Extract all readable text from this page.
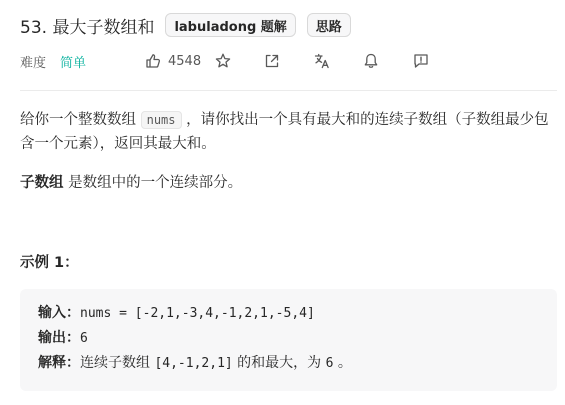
53. 最大子数组和	labuladong 题解	思路
难度 简单	4548
给你一个整数数组 nums ，请你找出一个具有最大和的连续子数组（子数组最少包含一个元素），返回其最大和。
子数组 是数组中的一个连续部分。
示例 1：
输入：nums = [-2,1,-3,4,-1,2,1,-5,4]
输出：6
解释：连续子数组 [4,-1,2,1] 的和最大，为 6 。
